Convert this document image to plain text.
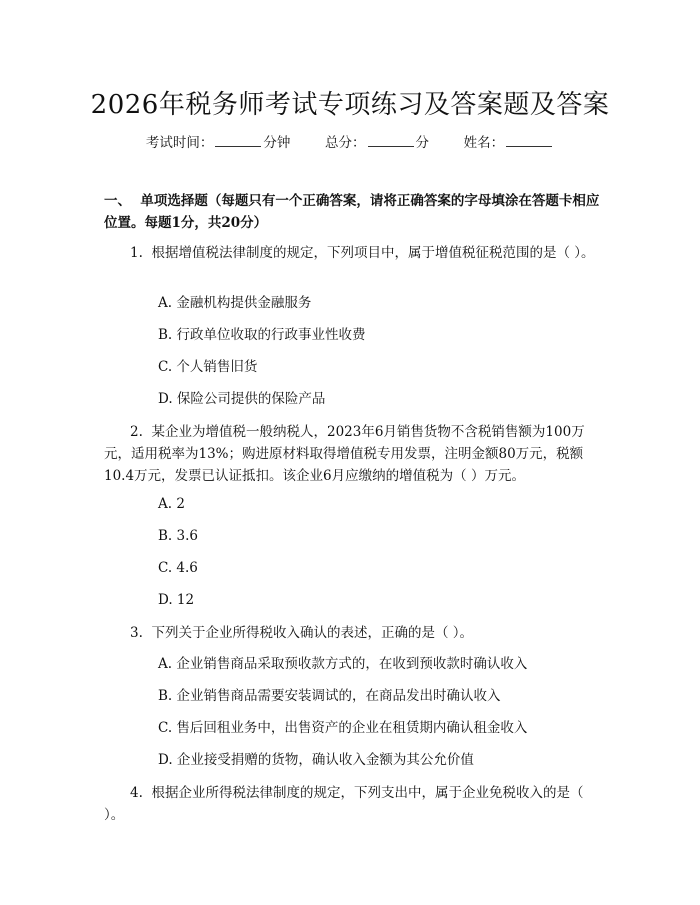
2026年税务师考试专项练习及答案题及答案
考试时间：	分钟	总分：	分	姓名：
一、 单项选择题（每题只有一个正确答案，请将正确答案的字母填涂在答题卡相应位置。每题1分，共20分）
1. 根据增值税法律制度的规定，下列项目中，属于增值税征税范围的是（ ）。
A. 金融机构提供金融服务
B. 行政单位收取的行政事业性收费
C. 个人销售旧货
D. 保险公司提供的保险产品
2. 某企业为增值税一般纳税人，2023年6月销售货物不含税销售额为100万元，适用税率为13%；购进原材料取得增值税专用发票，注明金额80万元，税额10.4万元，发票已认证抵扣。该企业6月应缴纳的增值税为（ ）万元。
A. 2
B. 3.6
C. 4.6
D. 12
3. 下列关于企业所得税收入确认的表述，正确的是（ ）。
A. 企业销售商品采取预收款方式的，在收到预收款时确认收入
B. 企业销售商品需要安装调试的，在商品发出时确认收入
C. 售后回租业务中，出售资产的企业在租赁期内确认租金收入
D. 企业接受捐赠的货物，确认收入金额为其公允价值
4. 根据企业所得税法律制度的规定，下列支出中，属于企业免税收入的是（ ）。
